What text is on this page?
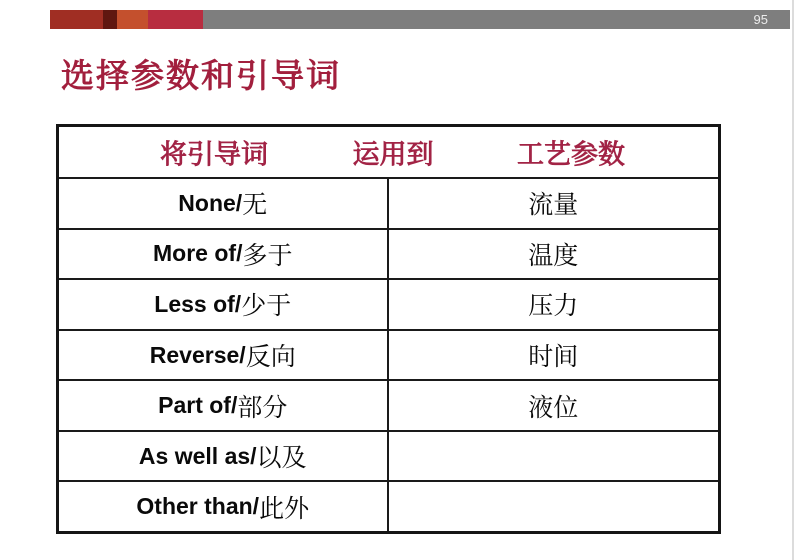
95
选择参数和引导词
将引导词	运用到	工艺参数
None/ 无	流量
More of/ 多于	温度
Less of/ 少于	压力
Reverse/ 反向	时间
Part of/ 部分	液位
As well as/ 以及
Other than/ 此外
